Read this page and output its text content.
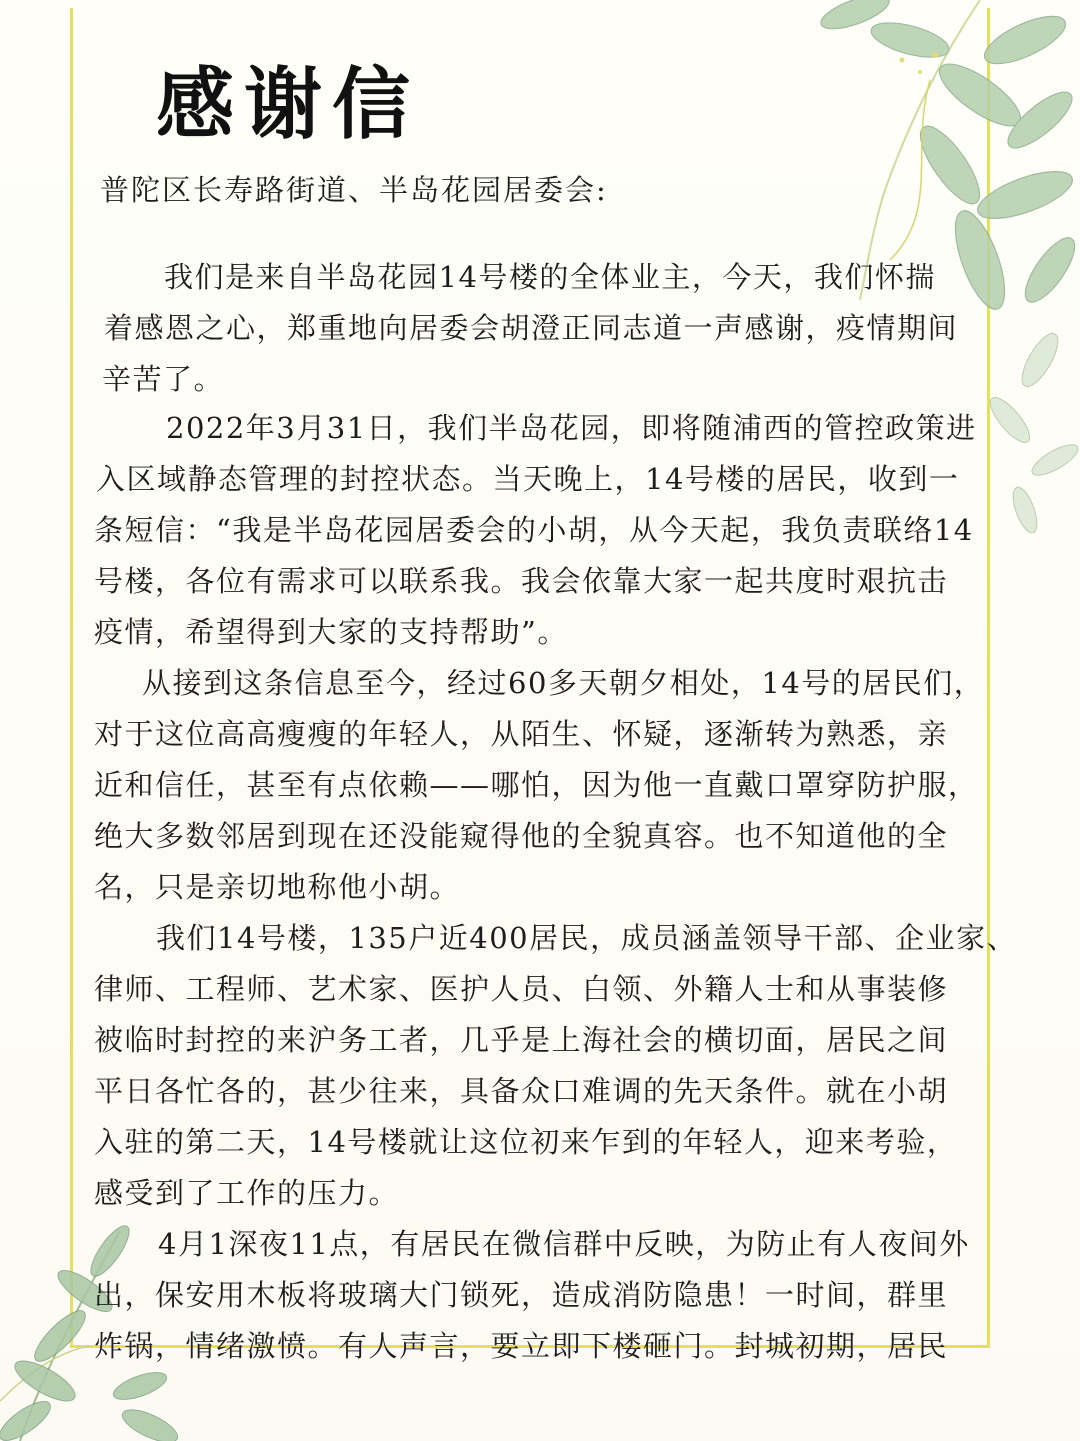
感谢信

普陀区长寿路街道、半岛花园居委会:

我们是来自半岛花园14号楼的全体业主，今天，我们怀揣

着感恩之心，郑重地向居委会胡澄正同志道一声感谢，疫情期间

辛苦了。

2022年3月31日，我们半岛花园，即将随浦西的管控政策进

入区域静态管理的封控状态。当天晚上，14号楼的居民，收到一

条短信：“我是半岛花园居委会的小胡，从今天起，我负责联络14

号楼，各位有需求可以联系我。我会依靠大家一起共度时艰抗击

疫情，希望得到大家的支持帮助”。

从接到这条信息至今，经过60多天朝夕相处，14号的居民们，

对于这位高高瘦瘦的年轻人，从陌生、怀疑，逐渐转为熟悉，亲

近和信任，甚至有点依赖——哪怕，因为他一直戴口罩穿防护服，

绝大多数邻居到现在还没能窥得他的全貌真容。也不知道他的全

名，只是亲切地称他小胡。

我们14号楼，135户近400居民，成员涵盖领导干部、企业家、

律师、工程师、艺术家、医护人员、白领、外籍人士和从事装修

被临时封控的来沪务工者，几乎是上海社会的横切面，居民之间

平日各忙各的，甚少往来，具备众口难调的先天条件。就在小胡

入驻的第二天，14号楼就让这位初来乍到的年轻人，迎来考验，

感受到了工作的压力。

4月1深夜11点，有居民在微信群中反映，为防止有人夜间外

出，保安用木板将玻璃大门锁死，造成消防隐患！一时间，群里

炸锅，情绪激愤。有人声言，要立即下楼砸门。封城初期，居民
